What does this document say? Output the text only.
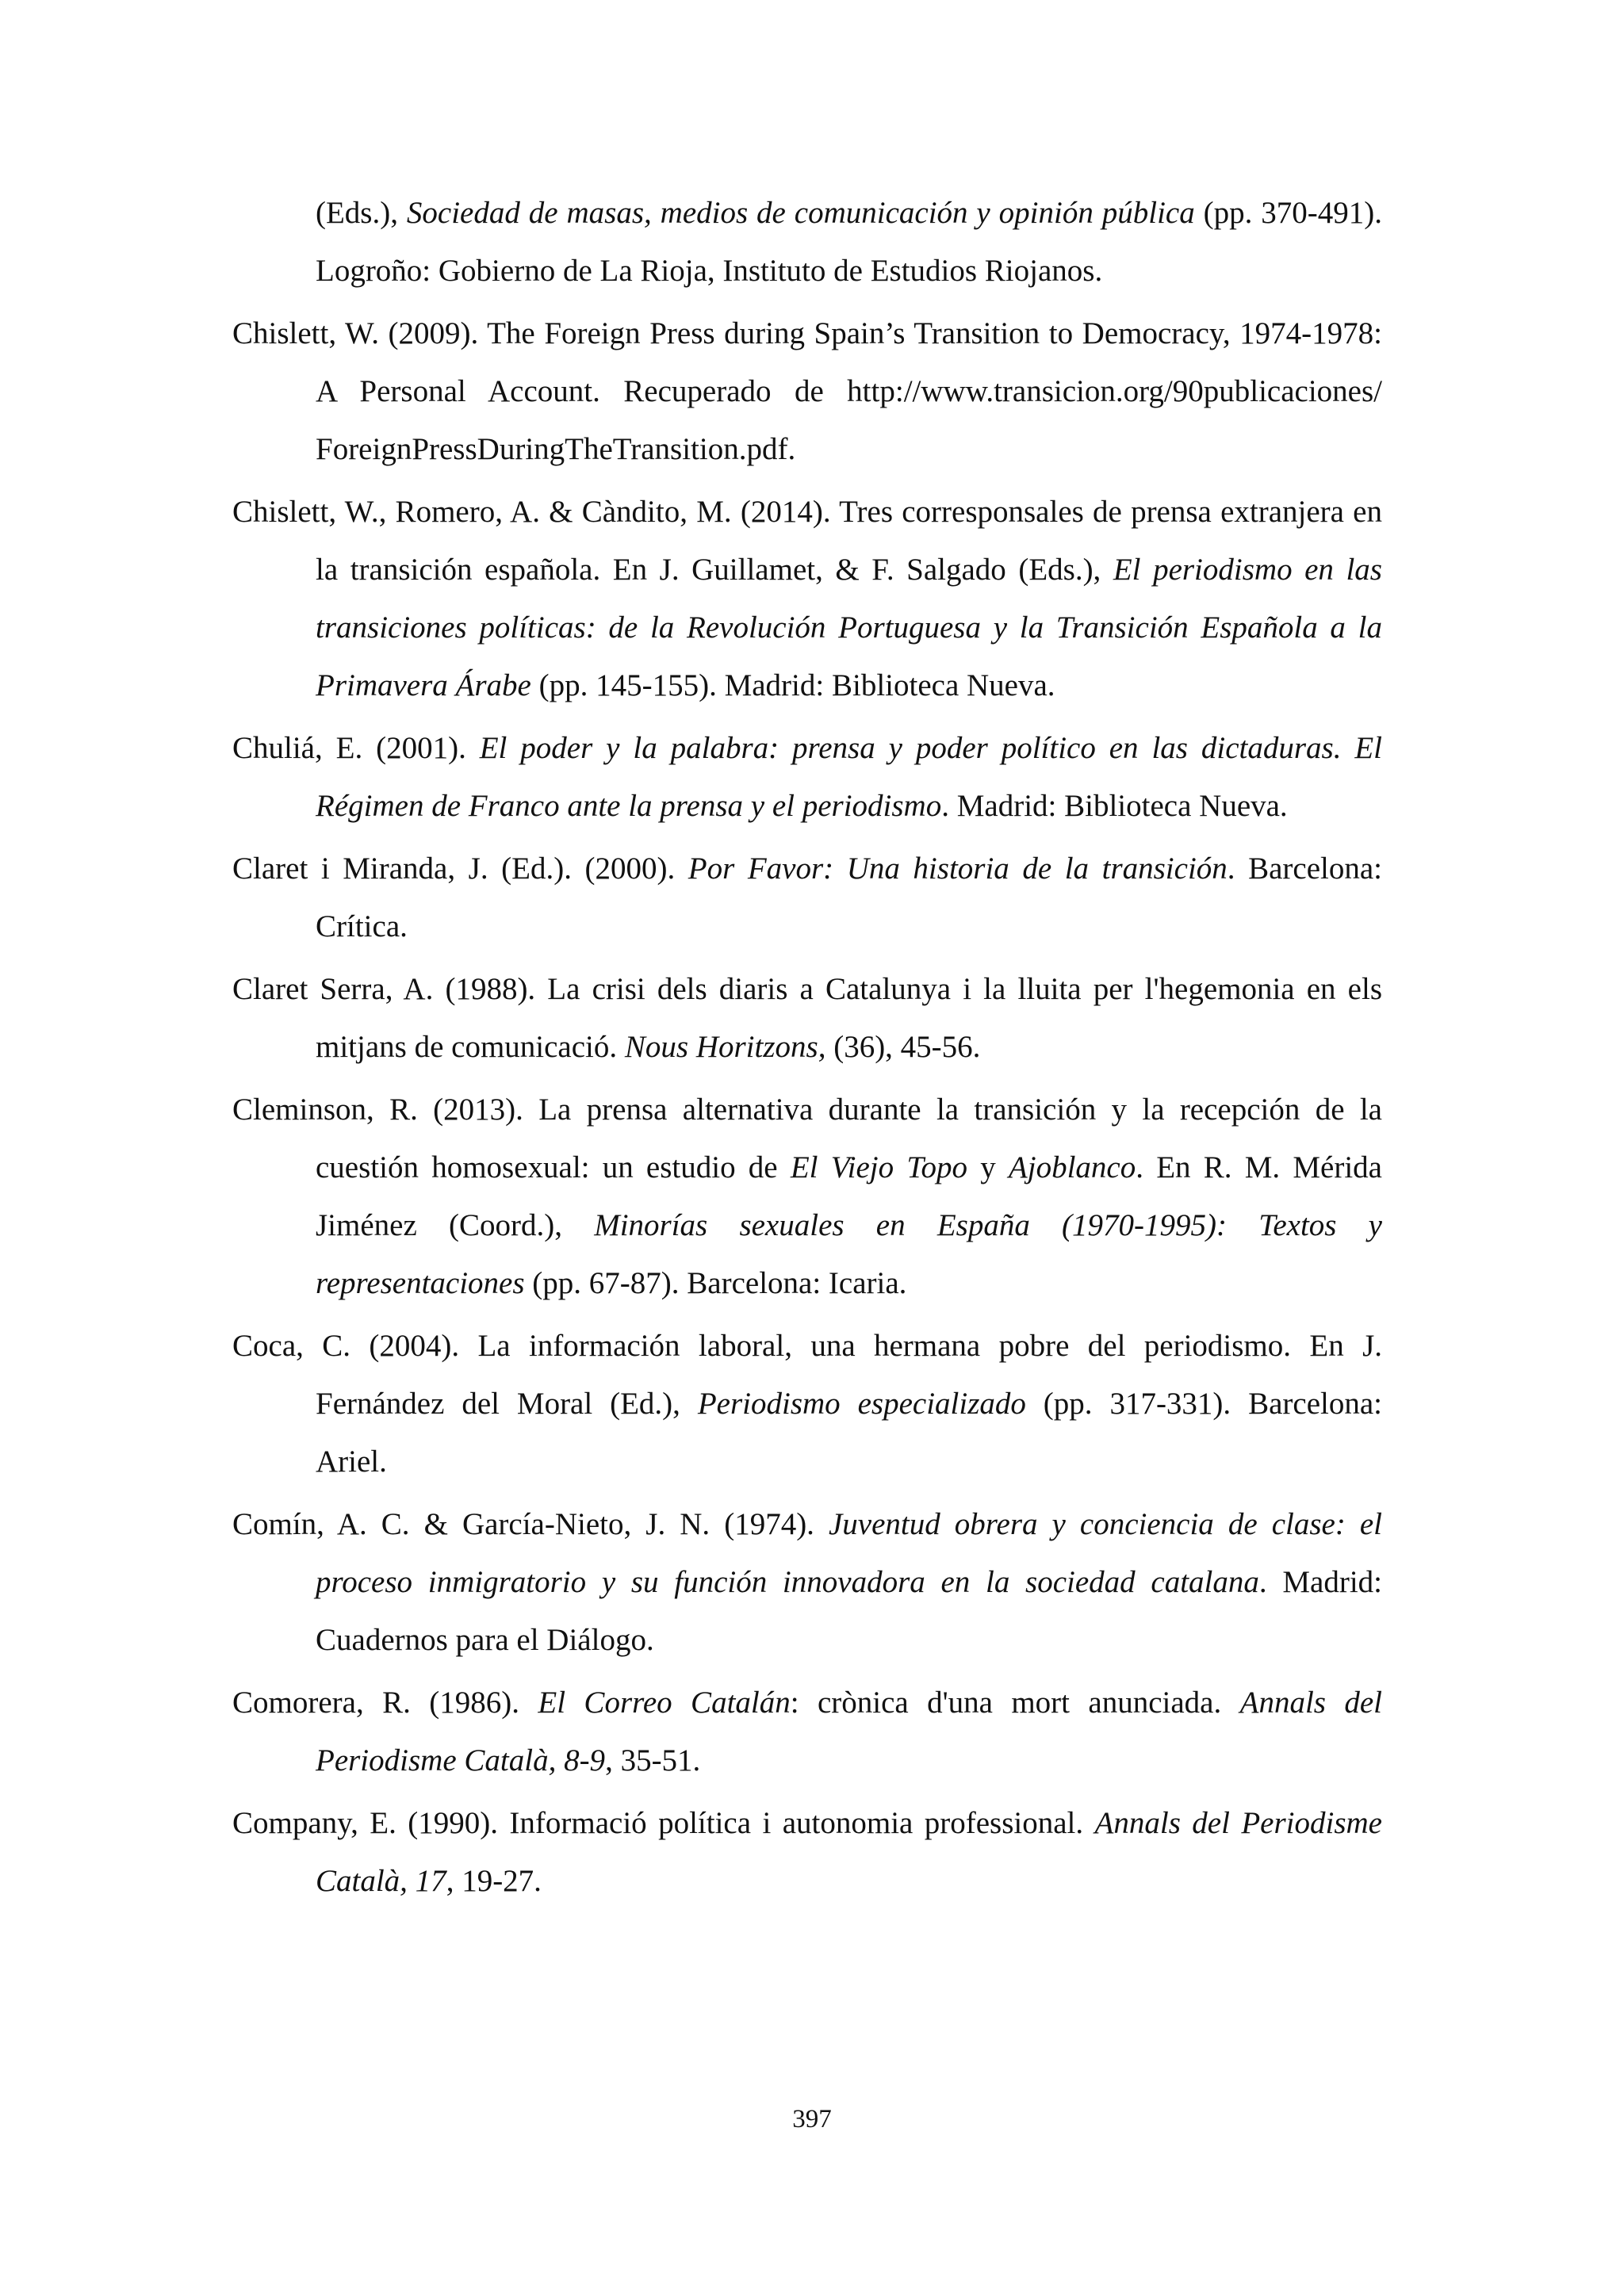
(Eds.), Sociedad de masas, medios de comunicación y opinión pública (pp. 370-491). Logroño: Gobierno de La Rioja, Instituto de Estudios Riojanos.

Chislett, W. (2009). The Foreign Press during Spain’s Transition to Democracy, 1974-1978: A Personal Account. Recuperado de http://www.transicion.org/90publicaciones/ ForeignPressDuringTheTransition.pdf.

Chislett, W., Romero, A. & Càndito, M. (2014). Tres corresponsales de prensa extranjera en la transición española. En J. Guillamet, & F. Salgado (Eds.), El periodismo en las transiciones políticas: de la Revolución Portuguesa y la Transición Española a la Primavera Árabe (pp. 145-155). Madrid: Biblioteca Nueva.

Chuliá, E. (2001). El poder y la palabra: prensa y poder político en las dictaduras. El Régimen de Franco ante la prensa y el periodismo. Madrid: Biblioteca Nueva.

Claret i Miranda, J. (Ed.). (2000). Por Favor: Una historia de la transición. Barcelona: Crítica.

Claret Serra, A. (1988). La crisi dels diaris a Catalunya i la lluita per l'hegemonia en els mitjans de comunicació. Nous Horitzons, (36), 45-56.

Cleminson, R. (2013). La prensa alternativa durante la transición y la recepción de la cuestión homosexual: un estudio de El Viejo Topo y Ajoblanco. En R. M. Mérida Jiménez (Coord.), Minorías sexuales en España (1970-1995): Textos y representaciones (pp. 67-87). Barcelona: Icaria.

Coca, C. (2004). La información laboral, una hermana pobre del periodismo. En J. Fernández del Moral (Ed.), Periodismo especializado (pp. 317-331). Barcelona: Ariel.

Comín, A. C. & García-Nieto, J. N. (1974). Juventud obrera y conciencia de clase: el proceso inmigratorio y su función innovadora en la sociedad catalana. Madrid: Cuadernos para el Diálogo.

Comorera, R. (1986). El Correo Catalán: crònica d'una mort anunciada. Annals del Periodisme Català, 8-9, 35-51.

Company, E. (1990). Informació política i autonomia professional. Annals del Periodisme Català, 17, 19-27.

397
